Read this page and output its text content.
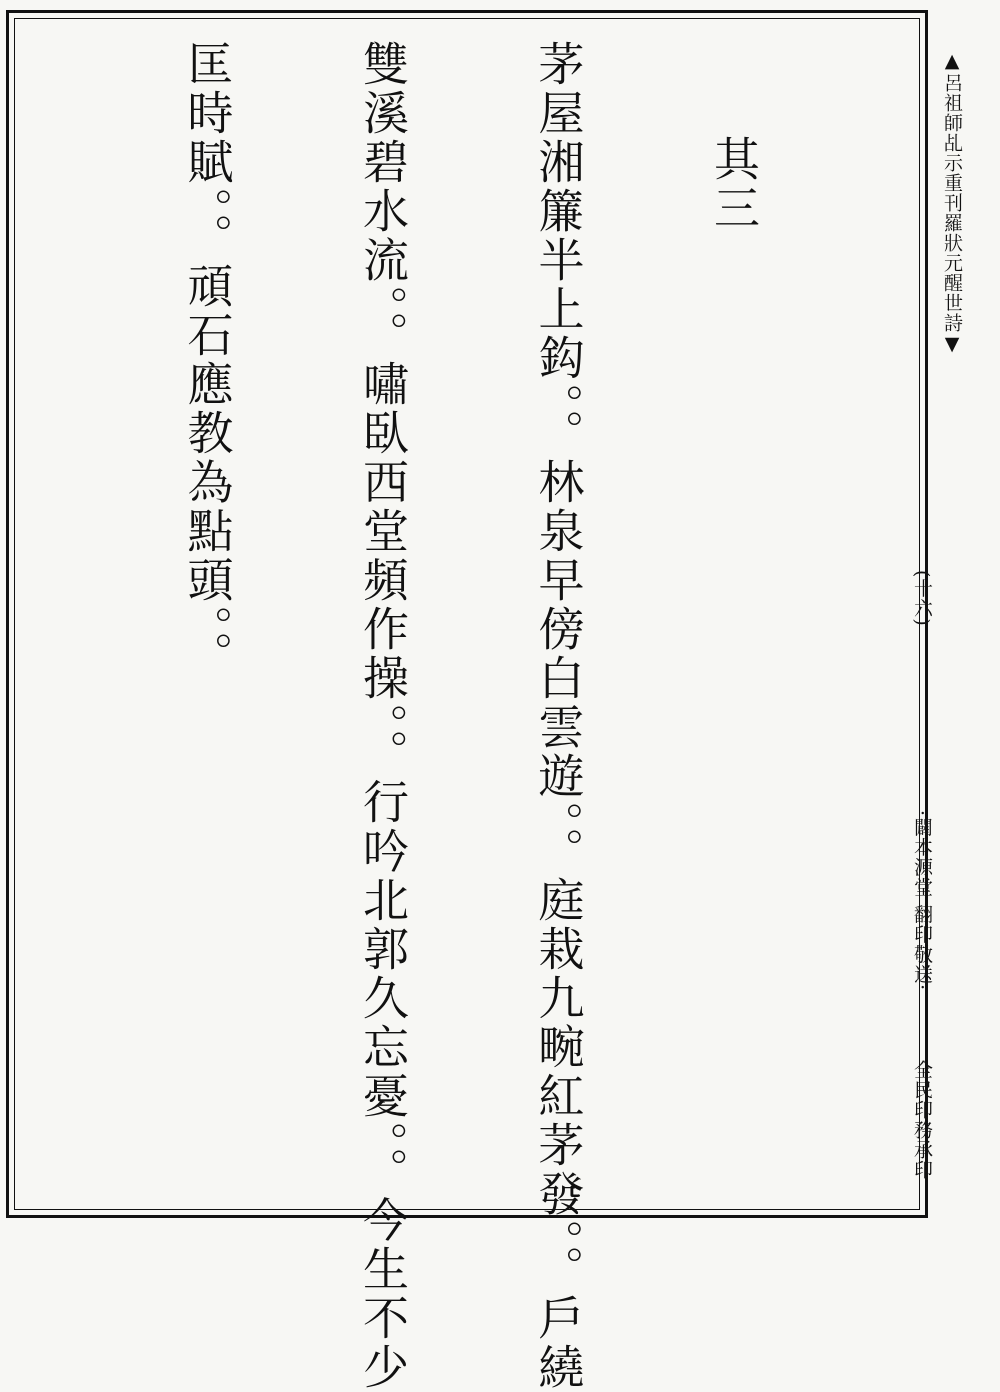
其三

茅屋湘簾半上鈎。。林泉早傍白雲遊。。庭栽九畹紅茅發。。戶繞

雙溪碧水流。。嘯臥西堂頻作操。。行吟北郭久忘憂。。今生不少

匡時賦。。頑石應教為點頭。。

	▲呂祖師乩示重刊羅狀元醒世詩▼
(十六)
·闢本源堂 翻印敬送·
全民印務承印
